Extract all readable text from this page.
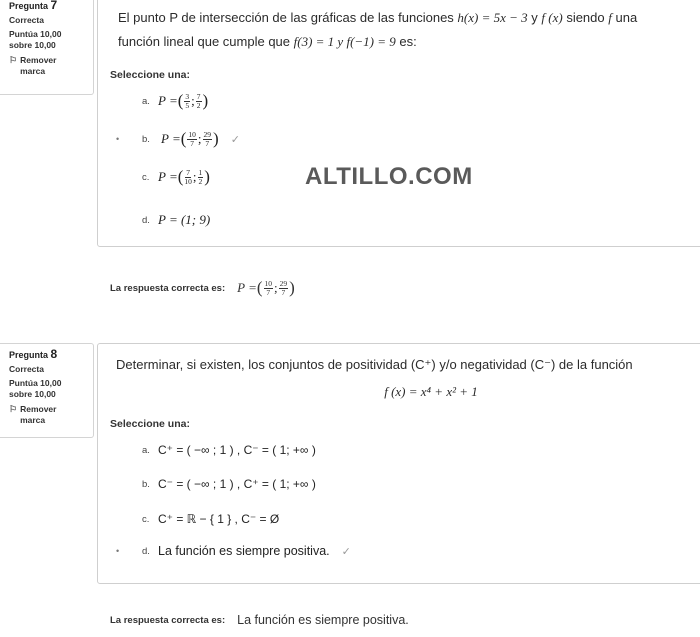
Pregunta 7
Correcta
Puntúa 10,00
sobre 10,00
⚐ Remover
marca
El punto P de intersección de las gráficas de las funciones h(x) = 5x − 3 y f (x) siendo f una
función lineal que cumple que f(3) = 1 y f(−1) = 9 es:
Seleccione una:
a. P = ( $\frac{3}{5}$ ; $\frac{7}{2}$ )
• b. P = ( $\frac{10}{7}$ ; $\frac{29}{7}$ ) ✓
c. P = ( $\frac{7}{10}$ ; $\frac{1}{2}$ )
d. P = (1; 9)
ALTILLO.COM
La respuesta correcta es: P = ( $\frac{10}{7}$ ; $\frac{29}{7}$ )
Pregunta 8
Correcta
Puntúa 10,00
sobre 10,00
⚐ Remover
marca
Determinar, si existen, los conjuntos de positividad (C⁺) y/o negatividad (C⁻) de la función
f (x) = x⁴ + x² + 1
Seleccione una:
a. C⁺ = ( −∞ ; 1 ) , C⁻ = ( 1; +∞ )
b. C⁻ = ( −∞ ; 1 ) , C⁺ = ( 1; +∞ )
c. C⁺ = ℝ − { 1 } , C⁻ = Ø
• d. La función es siempre positiva. ✓
La respuesta correcta es: La función es siempre positiva.
